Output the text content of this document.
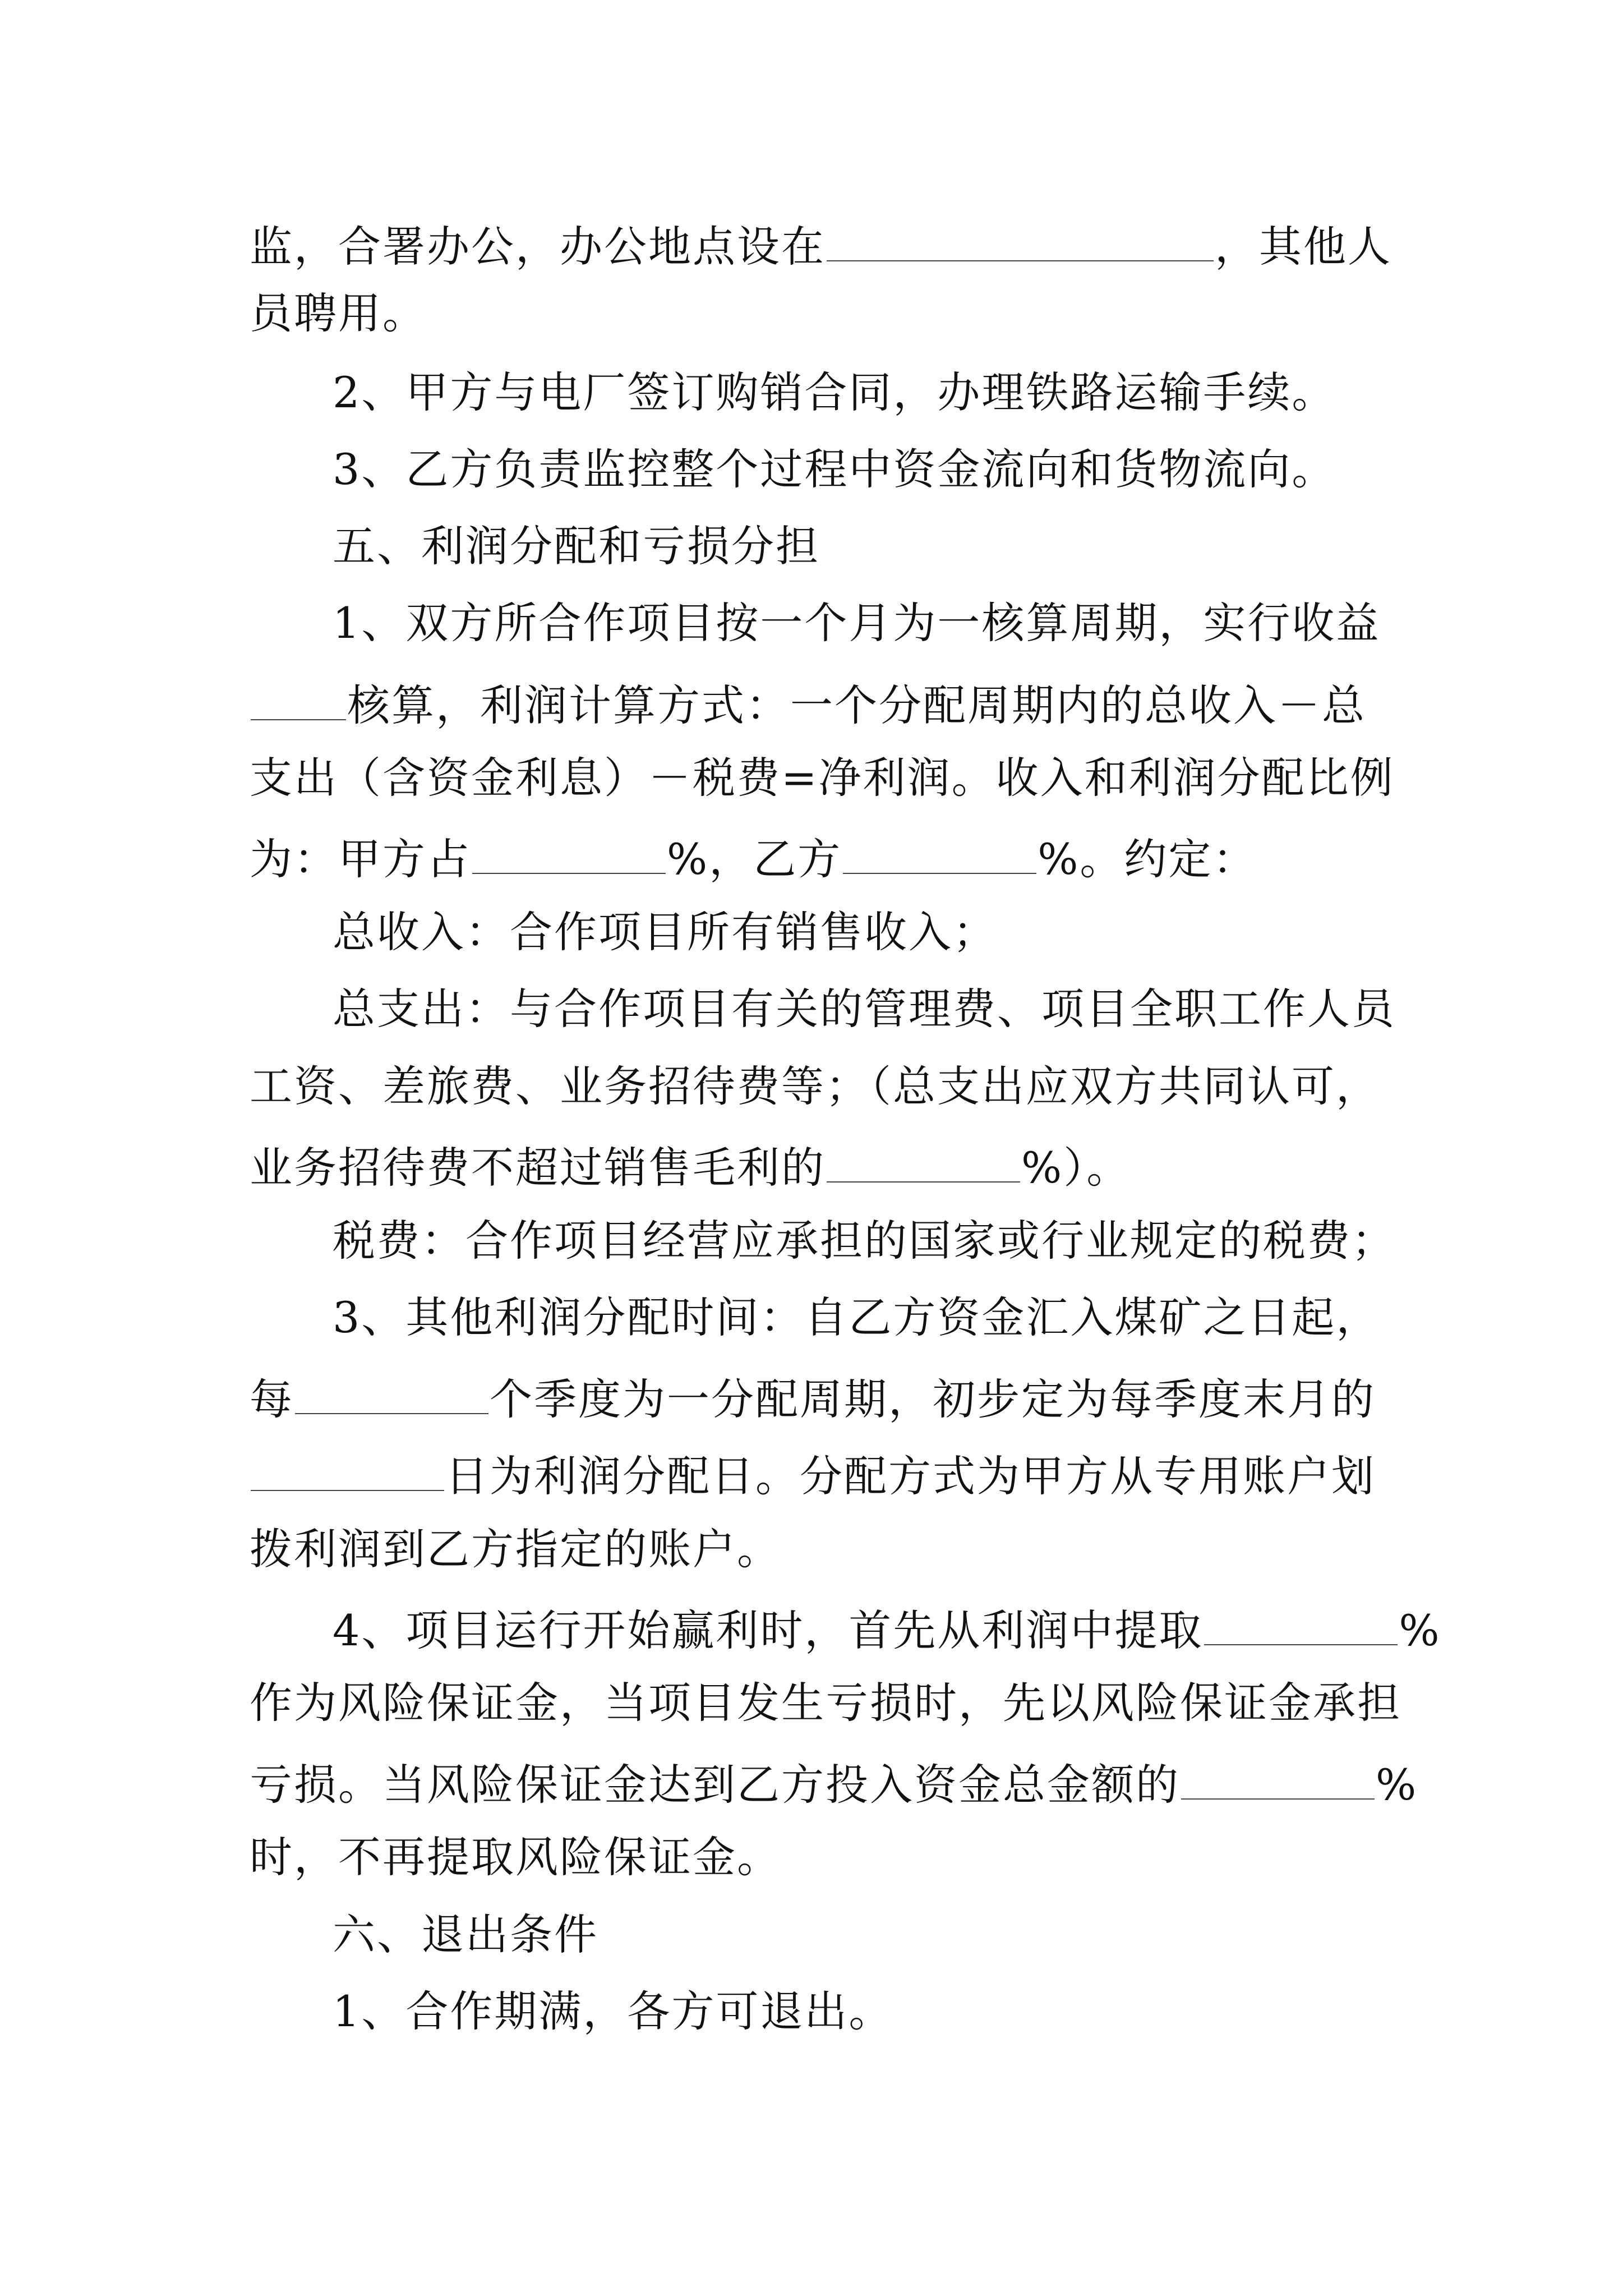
监，合署办公，办公地点设在	，其他人
员聘用。
2、甲方与电厂签订购销合同，办理铁路运输手续。
3、乙方负责监控整个过程中资金流向和货物流向。
五、利润分配和亏损分担
1、双方所合作项目按一个月为一核算周期，实行收益
核算，利润计算方式：一个分配周期内的总收入－总
支出（含资金利息）－税费=净利润。收入和利润分配比例
为：甲方占	%，乙方	%。约定：
总收入：合作项目所有销售收入；
总支出：与合作项目有关的管理费、项目全职工作人员
工资、差旅费、业务招待费等；（总支出应双方共同认可，
业务招待费不超过销售毛利的	%）。
税费：合作项目经营应承担的国家或行业规定的税费；
3、其他利润分配时间：自乙方资金汇入煤矿之日起，
每	个季度为一分配周期，初步定为每季度末月的
日为利润分配日。分配方式为甲方从专用账户划
拨利润到乙方指定的账户。
4、项目运行开始赢利时，首先从利润中提取	%
作为风险保证金，当项目发生亏损时，先以风险保证金承担
亏损。当风险保证金达到乙方投入资金总金额的	%
时，不再提取风险保证金。
六、退出条件
1、合作期满，各方可退出。
